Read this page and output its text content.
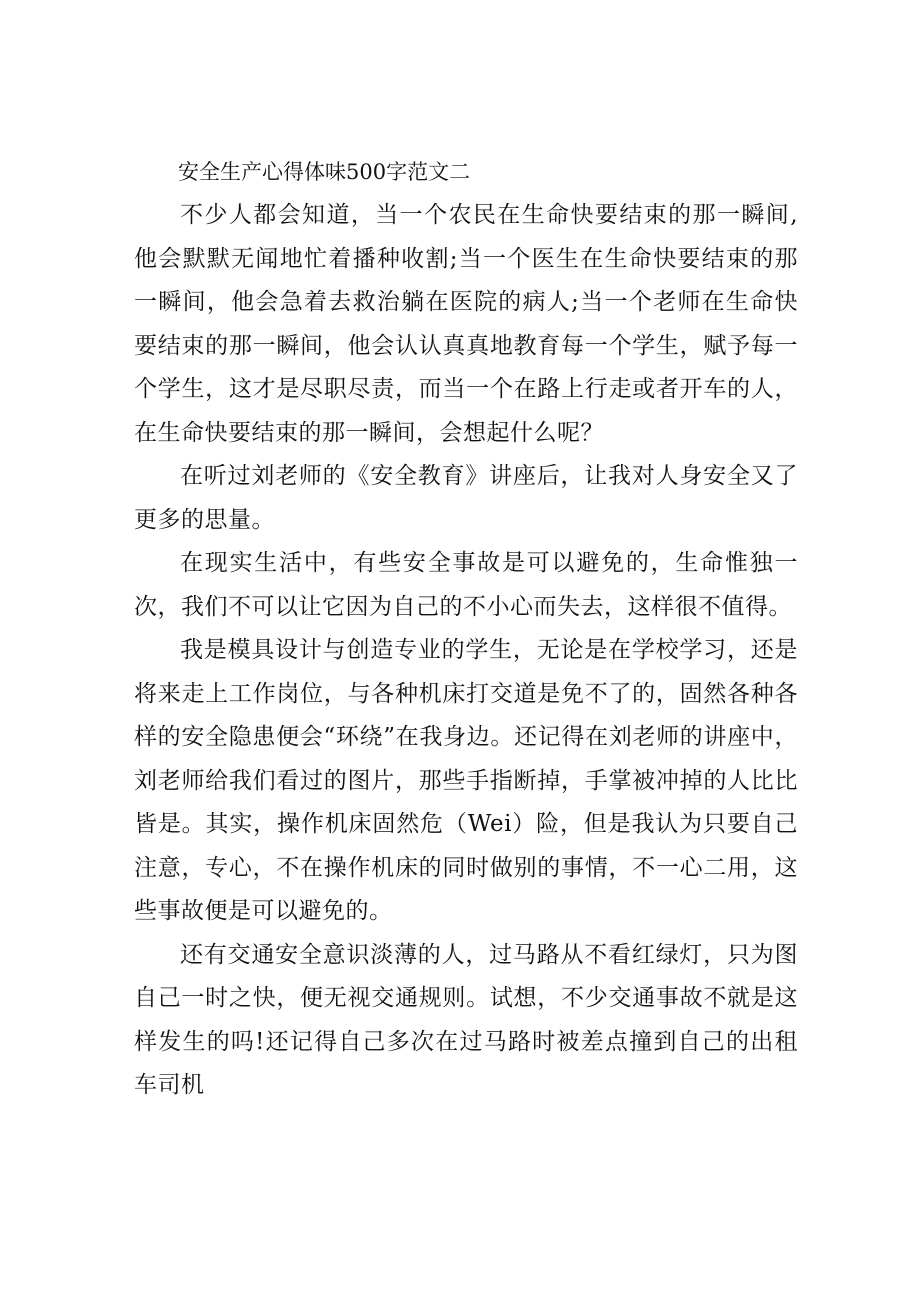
安全生产心得体味500字范文二

不少人都会知道，当一个农民在生命快要结束的那一瞬间,他会默默无闻地忙着播种收割;当一个医生在生命快要结束的那一瞬间，他会急着去救治躺在医院的病人;当一个老师在生命快要结束的那一瞬间，他会认认真真地教育每一个学生，赋予每一个学生，这才是尽职尽责，而当一个在路上行走或者开车的人，在生命快要结束的那一瞬间，会想起什么呢？

在听过刘老师的《安全教育》讲座后，让我对人身安全又了更多的思量。

在现实生活中，有些安全事故是可以避免的，生命惟独一次，我们不可以让它因为自己的不小心而失去，这样很不值得。

我是模具设计与创造专业的学生，无论是在学校学习，还是将来走上工作岗位，与各种机床打交道是免不了的，固然各种各样的安全隐患便会“环绕”在我身边。还记得在刘老师的讲座中，刘老师给我们看过的图片，那些手指断掉，手掌被冲掉的人比比皆是。其实，操作机床固然危（Wei）险，但是我认为只要自己注意，专心，不在操作机床的同时做别的事情，不一心二用，这些事故便是可以避免的。

还有交通安全意识淡薄的人，过马路从不看红绿灯，只为图自己一时之快，便无视交通规则。试想，不少交通事故不就是这样发生的吗!还记得自己多次在过马路时被差点撞到自己的出租车司机
